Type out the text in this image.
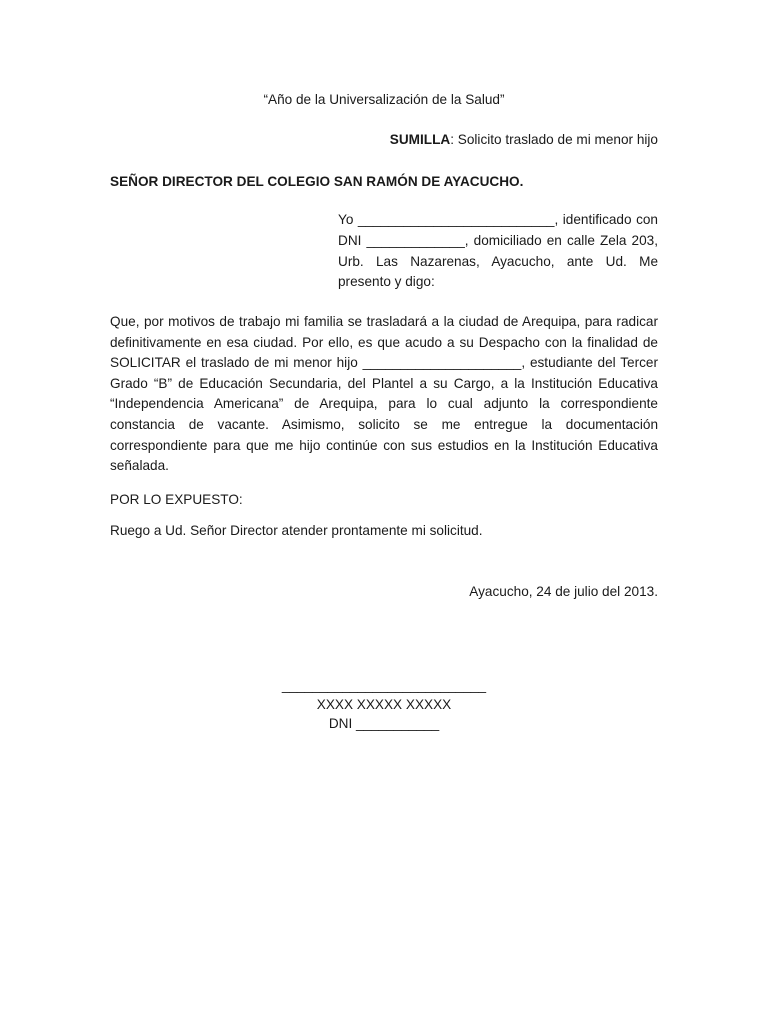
“Año de la Universalización de la Salud”
SUMILLA: Solicito traslado de mi menor hijo
SEÑOR DIRECTOR DEL COLEGIO SAN RAMÓN DE AYACUCHO.
Yo __________________________, identificado con DNI _____________, domiciliado en calle Zela 203, Urb. Las Nazarenas, Ayacucho, ante Ud. Me presento y digo:
Que, por motivos de trabajo mi familia se trasladará a la ciudad de Arequipa, para radicar definitivamente en esa ciudad. Por ello, es que acudo a su Despacho con la finalidad de SOLICITAR el traslado de mi menor hijo _____________________, estudiante del Tercer Grado “B” de Educación Secundaria, del Plantel a su Cargo, a la Institución Educativa “Independencia Americana” de Arequipa, para lo cual adjunto la correspondiente constancia de vacante. Asimismo, solicito se me entregue la documentación correspondiente para que me hijo continúe con sus estudios en la Institución Educativa señalada.
POR LO EXPUESTO:
Ruego a Ud. Señor Director atender prontamente mi solicitud.
Ayacucho, 24 de julio del 2013.
___________________________
XXXX XXXXX XXXXX
DNI ___________
